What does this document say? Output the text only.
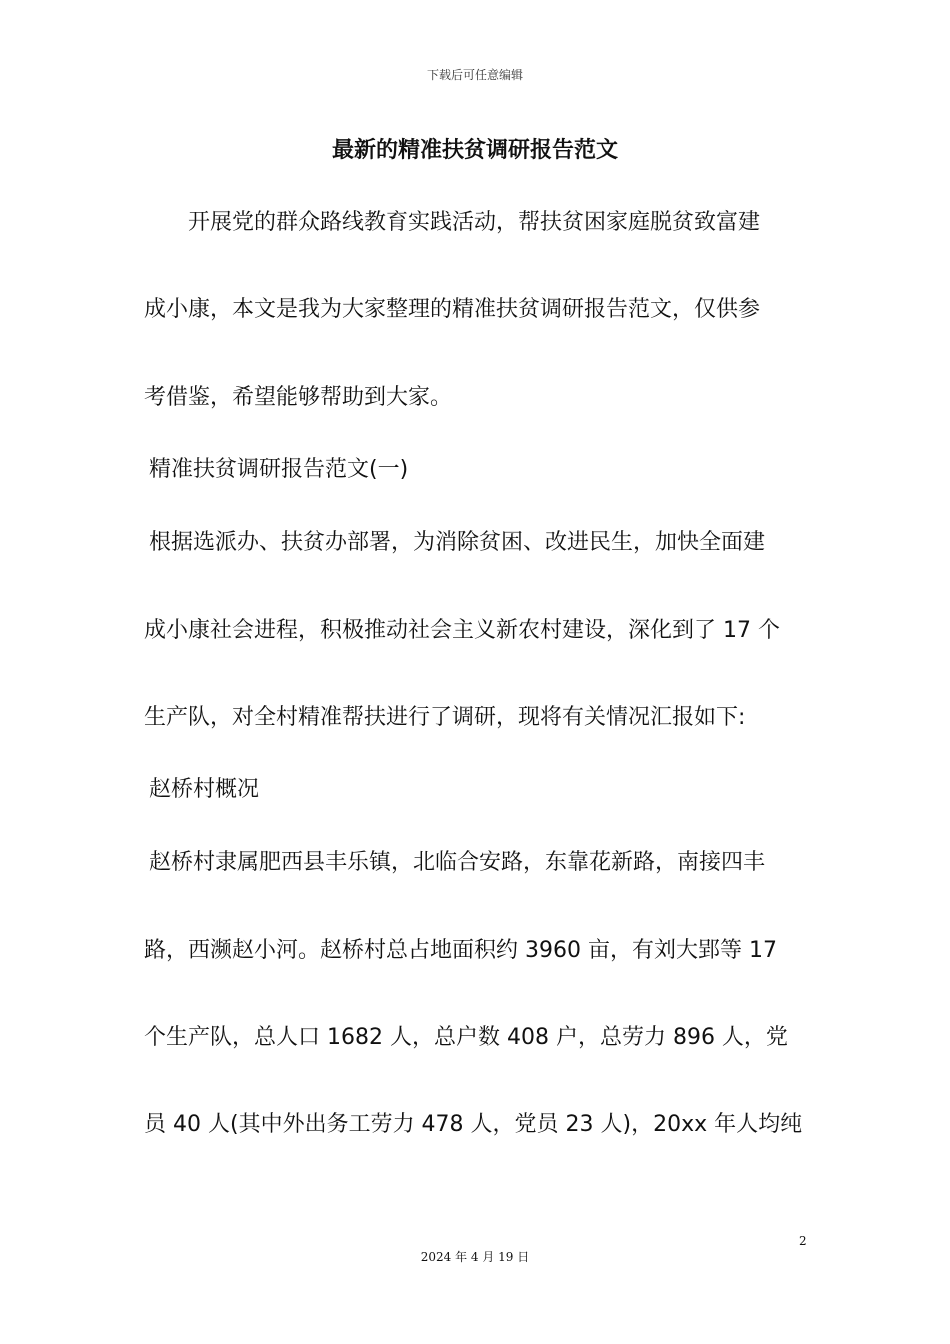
下载后可任意编辑
最新的精准扶贫调研报告范文

开展党的群众路线教育实践活动，帮扶贫困家庭脱贫致富建

成小康，本文是我为大家整理的精准扶贫调研报告范文，仅供参

考借鉴，希望能够帮助到大家。

精准扶贫调研报告范文(一)

根据选派办、扶贫办部署，为消除贫困、改进民生，加快全面建

成小康社会进程，积极推动社会主义新农村建设，深化到了 17 个

生产队，对全村精准帮扶进行了调研，现将有关情况汇报如下:

赵桥村概况

赵桥村隶属肥西县丰乐镇，北临合安路，东靠花新路，南接四丰

路，西濒赵小河。赵桥村总占地面积约 3960 亩，有刘大郢等 17

个生产队，总人口 1682 人，总户数 408 户，总劳力 896 人，党

员 40 人(其中外出务工劳力 478 人，党员 23 人)，20xx 年人均纯

2
2024 年 4 月 19 日
